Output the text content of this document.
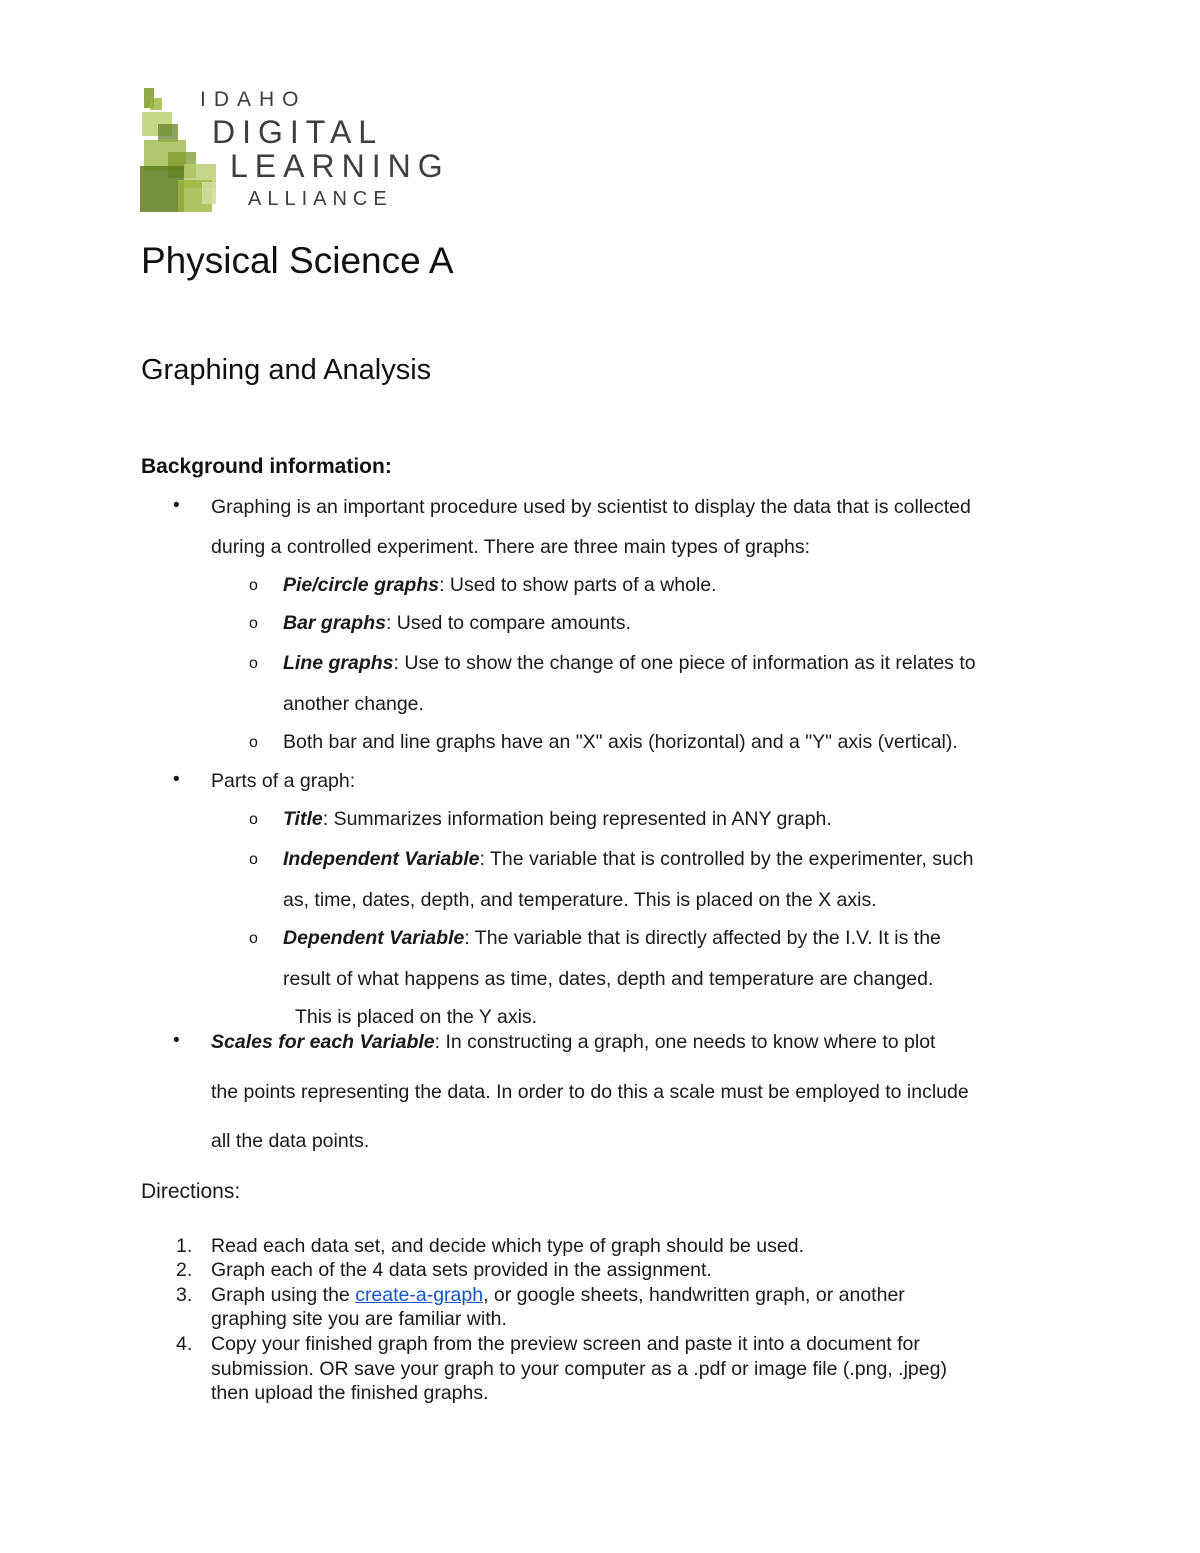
IDAHO
DIGITAL
LEARNING
ALLIANCE
Physical Science A
Graphing and Analysis
Background information:
• Graphing is an important procedure used by scientist to display the data that is collected
during a controlled experiment. There are three main types of graphs:
o Pie/circle graphs: Used to show parts of a whole.
o Bar graphs: Used to compare amounts.
o Line graphs: Use to show the change of one piece of information as it relates to
another change.
o Both bar and line graphs have an "X" axis (horizontal) and a "Y" axis (vertical).
• Parts of a graph:
o Title: Summarizes information being represented in ANY graph.
o Independent Variable: The variable that is controlled by the experimenter, such
as, time, dates, depth, and temperature. This is placed on the X axis.
o Dependent Variable: The variable that is directly affected by the I.V. It is the
result of what happens as time, dates, depth and temperature are changed.
This is placed on the Y axis.
• Scales for each Variable: In constructing a graph, one needs to know where to plot
the points representing the data. In order to do this a scale must be employed to include
all the data points.
Directions:
1. Read each data set, and decide which type of graph should be used.
2. Graph each of the 4 data sets provided in the assignment.
3. Graph using the create-a-graph, or google sheets, handwritten graph, or another
graphing site you are familiar with.
4. Copy your finished graph from the preview screen and paste it into a document for
submission. OR save your graph to your computer as a .pdf or image file (.png, .jpeg)
then upload the finished graphs.
